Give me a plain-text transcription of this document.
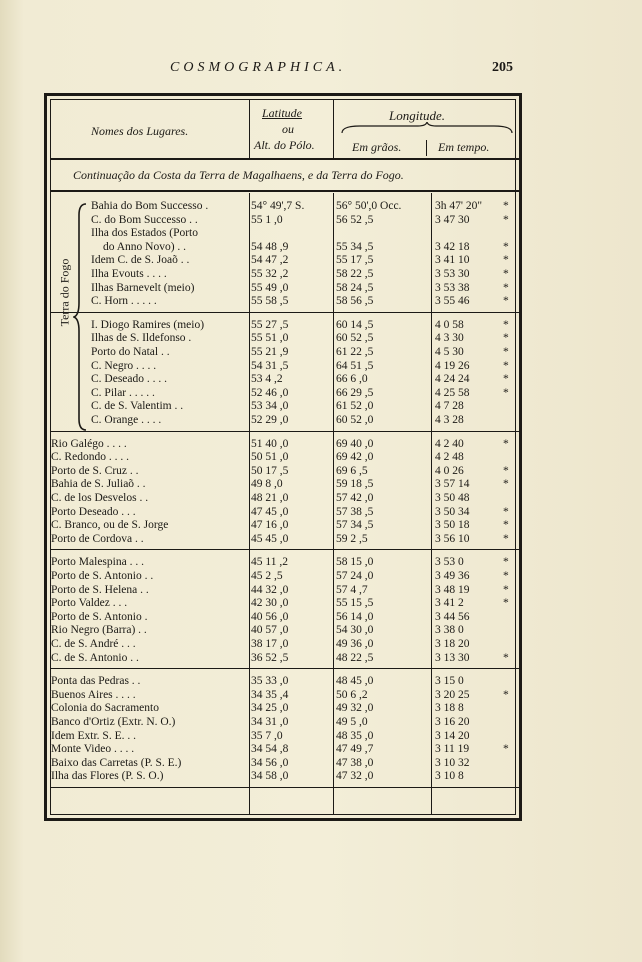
COSMOGRAPHICA.	205
Nomes dos Lugares.
Latitude
ou
Alt. do Pólo.
Longitude.
Em grãos.	Em tempo.
Continuação da Costa da Terra de Magalhaens, e da Terra do Fogo.
Terra do Fogo
Bahia do Bom Successo .	54° 49',7 S.	56° 50',0 Occ.	3h 47' 20"	*
C. do Bom Successo . .	55 1 ,0	56 52 ,5	3 47 30	*
Ilha dos Estados (Porto
do Anno Novo) . .	54 48 ,9	55 34 ,5	3 42 18	*
Idem C. de S. Joaõ . .	54 47 ,2	55 17 ,5	3 41 10	*
Ilha Evouts . . . .	55 32 ,2	58 22 ,5	3 53 30	*
Ilhas Barnevelt (meio)	55 49 ,0	58 24 ,5	3 53 38	*
C. Horn . . . . .	55 58 ,5	58 56 ,5	3 55 46	*
I. Diogo Ramires (meio)	55 27 ,5	60 14 ,5	4 0 58	*
Ilhas de S. Ildefonso .	55 51 ,0	60 52 ,5	4 3 30	*
Porto do Natal . .	55 21 ,9	61 22 ,5	4 5 30	*
C. Negro . . . .	54 31 ,5	64 51 ,5	4 19 26	*
C. Deseado . . . .	53 4 ,2	66 6 ,0	4 24 24	*
C. Pilar . . . . .	52 46 ,0	66 29 ,5	4 25 58	*
C. de S. Valentim . .	53 34 ,0	61 52 ,0	4 7 28
C. Orange . . . .	52 29 ,0	60 52 ,0	4 3 28
Rio Galégo . . . .	51 40 ,0	69 40 ,0	4 2 40	*
C. Redondo . . . .	50 51 ,0	69 42 ,0	4 2 48
Porto de S. Cruz . .	50 17 ,5	69 6 ,5	4 0 26	*
Bahia de S. Juliaõ . .	49 8 ,0	59 18 ,5	3 57 14	*
C. de los Desvelos . .	48 21 ,0	57 42 ,0	3 50 48
Porto Deseado . . .	47 45 ,0	57 38 ,5	3 50 34	*
C. Branco, ou de S. Jorge	47 16 ,0	57 34 ,5	3 50 18	*
Porto de Cordova . .	45 45 ,0	59 2 ,5	3 56 10	*
Porto Malespina . . .	45 11 ,2	58 15 ,0	3 53 0	*
Porto de S. Antonio . .	45 2 ,5	57 24 ,0	3 49 36	*
Porto de S. Helena . .	44 32 ,0	57 4 ,7	3 48 19	*
Porto Valdez . . .	42 30 ,0	55 15 ,5	3 41 2	*
Porto de S. Antonio .	40 56 ,0	56 14 ,0	3 44 56
Rio Negro (Barra) . .	40 57 ,0	54 30 ,0	3 38 0
C. de S. André . . .	38 17 ,0	49 36 ,0	3 18 20
C. de S. Antonio . .	36 52 ,5	48 22 ,5	3 13 30	*
Ponta das Pedras . .	35 33 ,0	48 45 ,0	3 15 0
Buenos Aires . . . .	34 35 ,4	50 6 ,2	3 20 25	*
Colonia do Sacramento	34 25 ,0	49 32 ,0	3 18 8
Banco d'Ortiz (Extr. N. O.)	34 31 ,0	49 5 ,0	3 16 20
Idem Extr. S. E. . .	35 7 ,0	48 35 ,0	3 14 20
Monte Video . . . .	34 54 ,8	47 49 ,7	3 11 19	*
Baixo das Carretas (P. S. E.)	34 56 ,0	47 38 ,0	3 10 32
Ilha das Flores (P. S. O.)	34 58 ,0	47 32 ,0	3 10 8
